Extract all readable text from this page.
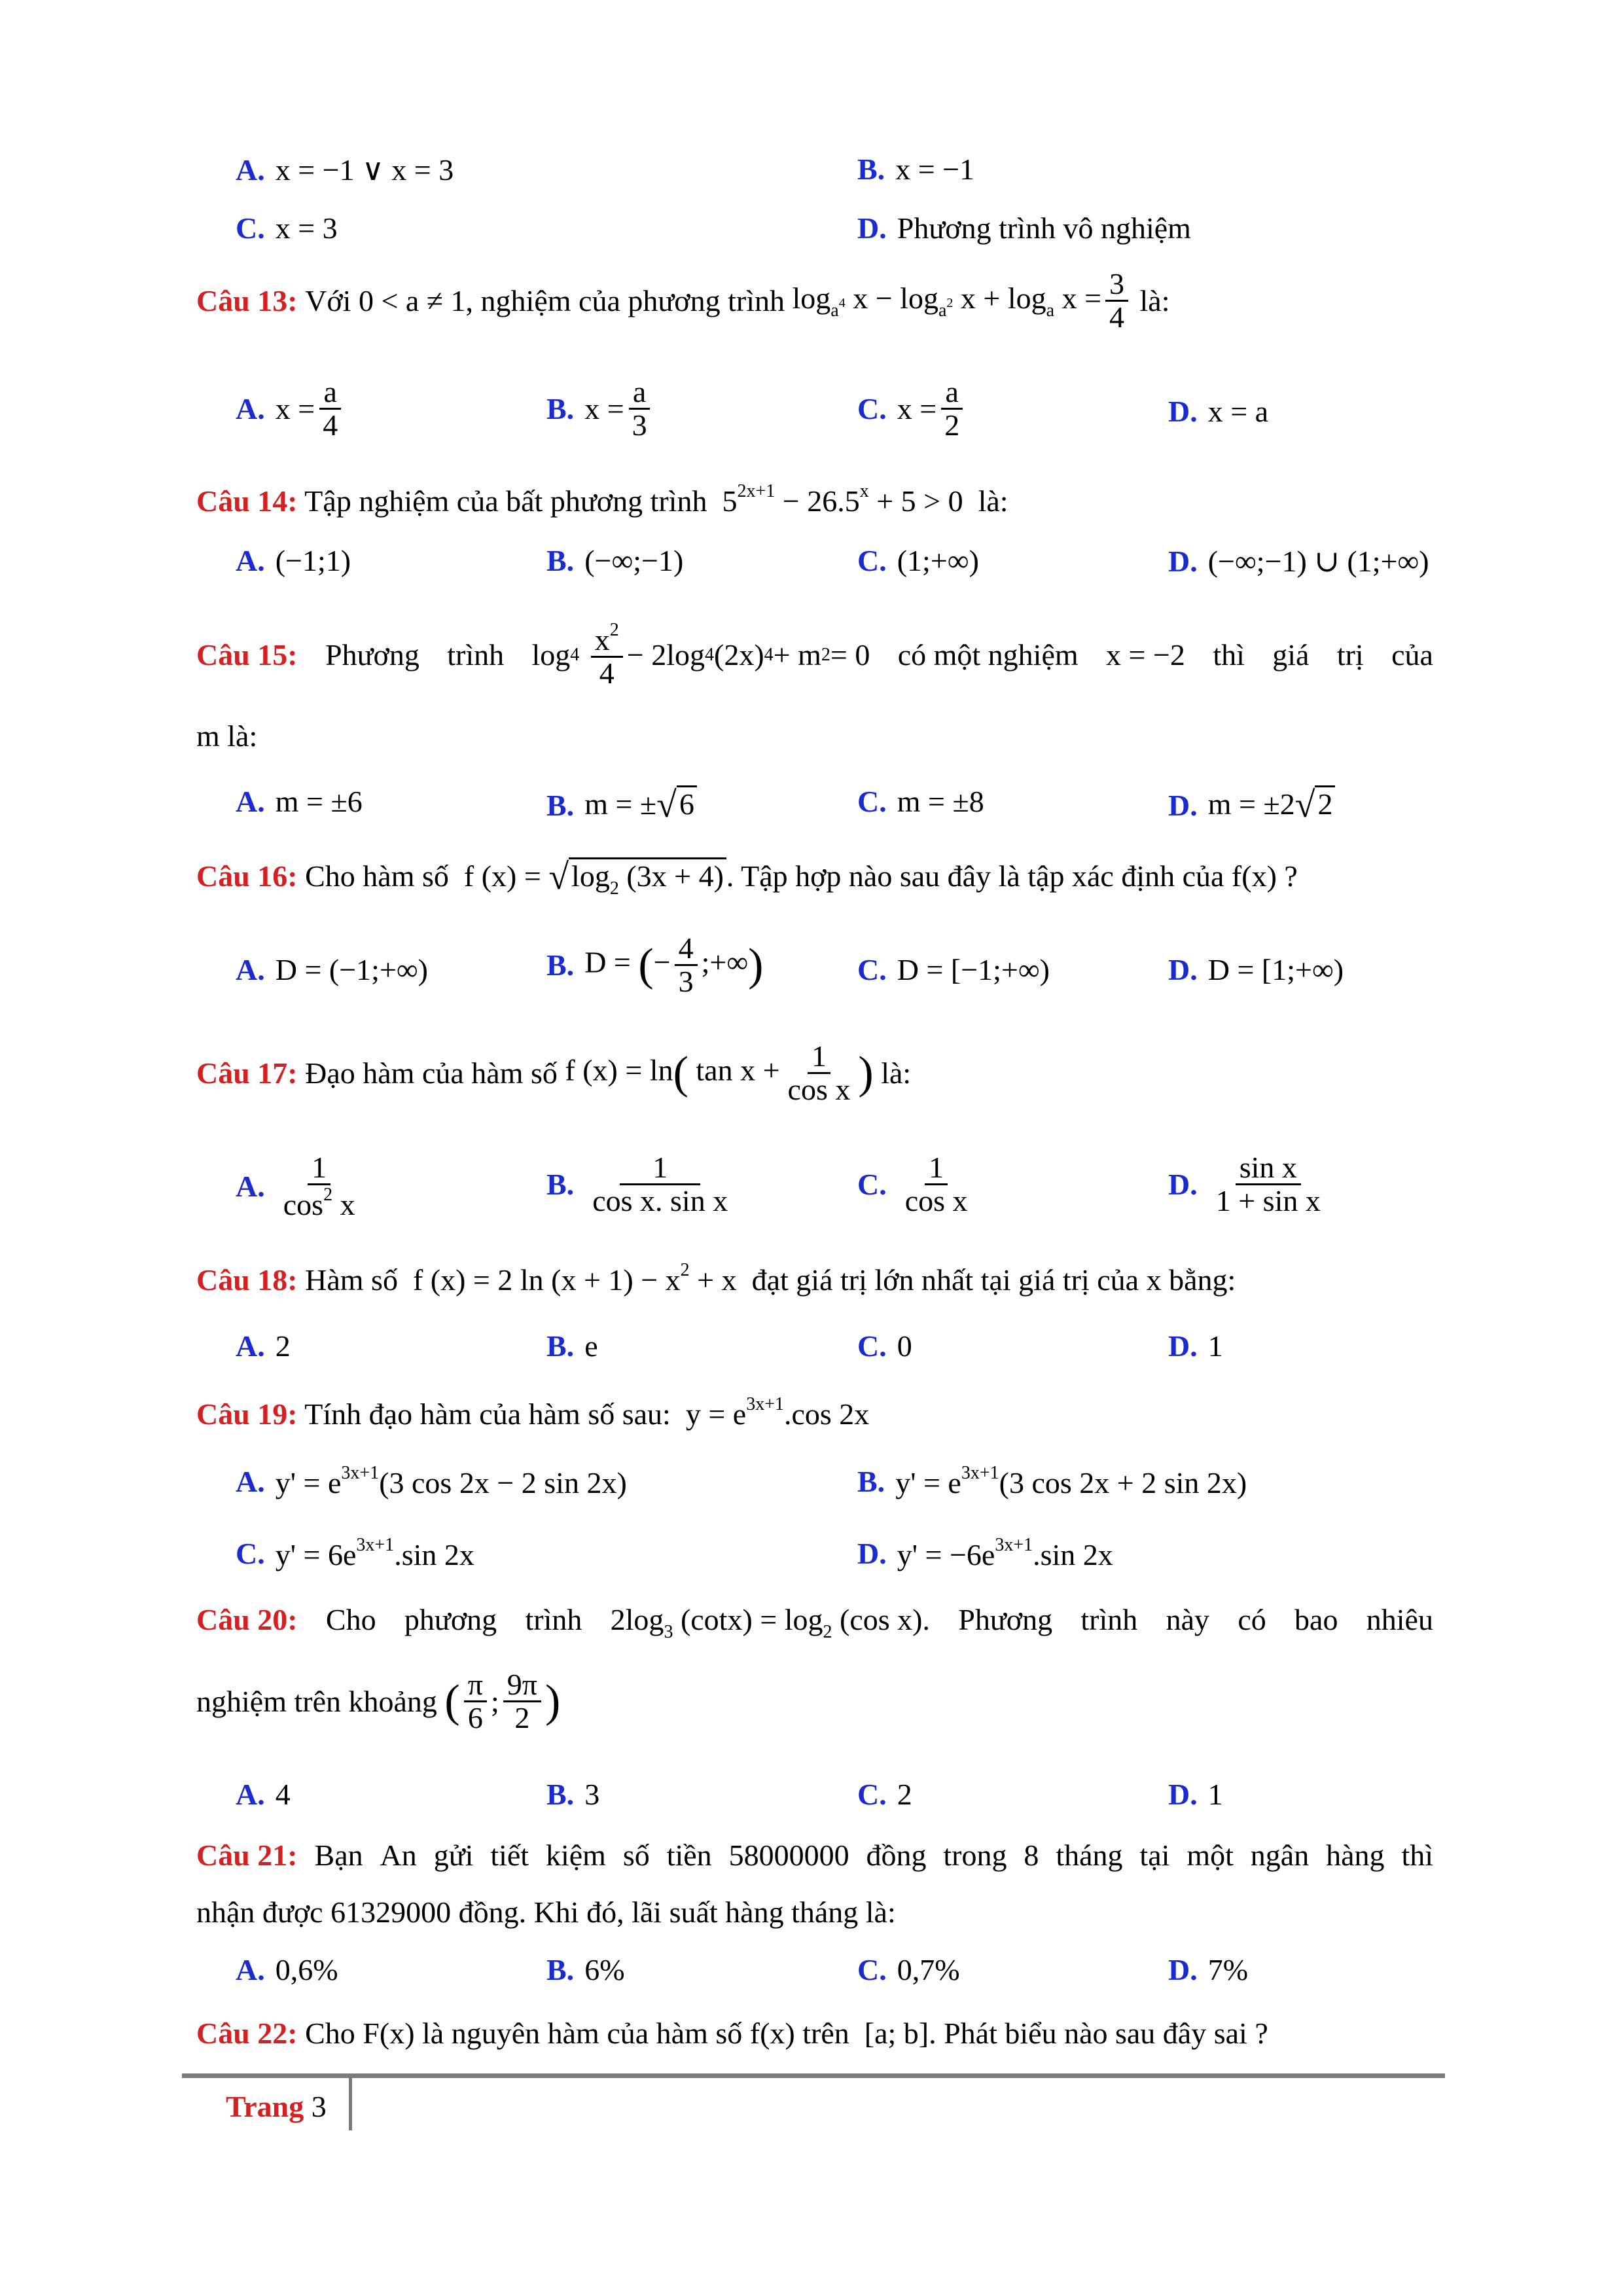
A. x = −1 ∨ x = 3	B. x = −1
C. x = 3	D. Phương trình vô nghiệm
Câu 13:
Với 0 < a ≠ 1, nghiệm của phương trình
$\log_{a^4} x - \log_{a^2} x + \log_a x = \frac{3}{4}$
là:
A. $x = \frac{a}{4}$	B. $x = \frac{a}{3}$	C. $x = \frac{a}{2}$	D. x = a
Câu 14: Tập nghiệm của bất phương trình $5^{2x+1} - 26.5^x + 5 > 0$ là:
A. (−1;1)	B. (−∞;−1)	C. (1;+∞)	D. (−∞;−1) ∪ (1;+∞)
Câu 15: Phương trình log 4
$\frac{x^2}{4} - 2\log$ 4 (2x) 4 + m 2 = 0 có một nghiệm x = −2 thì giá trị của
m là:
A. m = ±6	B. m = ±√6	C. m = ±8	D. m = ±2√2
Câu 16: Cho hàm số f $(x) = √\log_2$ (3x + 4). Tập hợp nào sau đây là tập xác định của f(x) ?
A. D = (−1;+∞)	B. D = (− $\frac{4}{3}$ ;+∞)	C. D = [−1;+∞)	D. D = [1;+∞)
Câu 17:
Đạo hàm của hàm số
f (x) = ln( $\tan x + \frac{1}{\text{cos x}}$ )
là:
A. $\frac{1}{\cos^2 x}$	B. $\frac{1}{\text{cos x. sin x}}$	C. $\frac{1}{\text{cos x}}$	D. $\frac{\text{sin x}}{\text{1 + sin x}}$
Câu 18: Hàm số f (x) = 2 $\ln (x + 1) - x^2 + x$ đạt giá trị lớn nhất tại giá trị của x bằng:
A. 2	B. e	C. 0	D. 1
Câu 19: Tính đạo hàm của hàm số sau: $y = e^{3x+1}.\cos$ 2x
A. $y' = e^{3x+1}(3$ cos 2x − 2 sin 2x)	B. $y' = e^{3x+1}(3$ cos 2x + 2 sin 2x)
C. $y' = 6e^{3x+1}.\sin$ 2x	D. $y' = -6e^{3x+1}.\sin$ 2x
Câu 20: Cho phương trình $2\log_3$ $(\cot x) = \log_2 (\cos$ x). Phương trình này có bao nhiêu
nghiệm trên khoảng
( $\frac{\pi}{6}$ ; $\frac{9\pi}{2}$ )
A. 4	B. 3	C. 2	D. 1
Câu 21: Bạn An gửi tiết kiệm số tiền 58000000 đồng trong 8 tháng tại một ngân hàng thì
nhận được 61329000 đồng. Khi đó, lãi suất hàng tháng là:
A. 0,6%	B. 6%	C. 0,7%	D. 7%
Câu 22: Cho F(x) là nguyên hàm của hàm số f(x) trên [a; b]. Phát biểu nào sau đây sai ?
Trang 3
